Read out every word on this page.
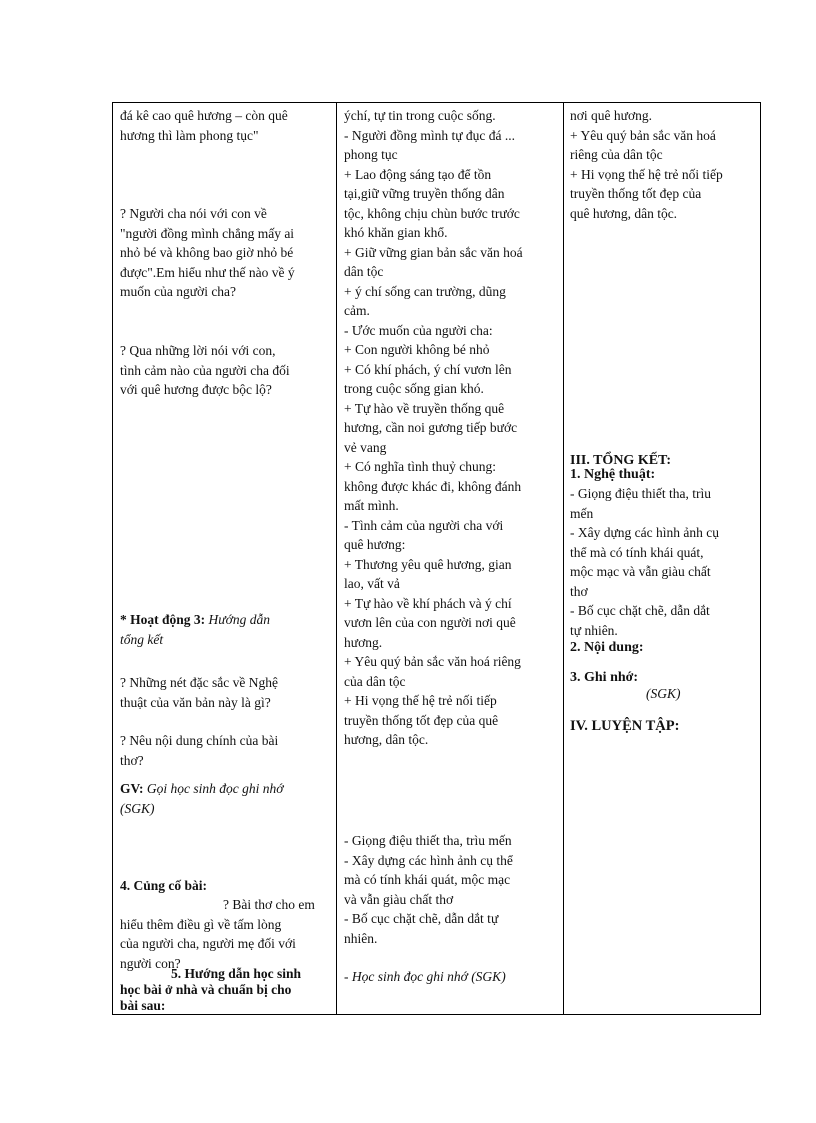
đá kê cao quê hương – còn quê
hương thì làm phong tục"
? Người cha nói với con về
"người đồng mình chẳng mấy ai
nhỏ bé và không bao giờ nhỏ bé
được".Em hiểu như thế nào về ý
muốn của người cha?
? Qua những lời nói với con,
tình cảm nào của người cha đối
với quê hương được bộc lộ?
* Hoạt động 3: Hướng dẫn
tổng kết
? Những nét đặc sắc về Nghệ
thuật của văn bản này là gì?
? Nêu nội dung chính của bài
thơ?
GV: Gọi học sinh đọc ghi nhớ
(SGK)
4. Củng cố bài:
? Bài thơ cho em
hiểu thêm điều gì về tấm lòng
của người cha, người mẹ đối với
người con?
5. Hướng dẫn học sinh
học bài ở nhà và chuẩn bị cho
bài sau:
ýchí, tự tin trong cuộc sống.
- Người đồng mình tự đục đá ...
phong tục
+ Lao động sáng tạo để tồn
tại,giữ vững truyền thống dân
tộc, không chịu chùn bước trước
khó khăn gian khổ.
+ Giữ vững gian bản sắc văn hoá
dân tộc
+ ý chí sống can trường, dũng
cảm.
- Ước muốn của người cha:
+ Con người không bé nhỏ
+ Có khí phách, ý chí vươn lên
trong cuộc sống gian khó.
+ Tự hào về truyền thống quê
hương, cần noi gương tiếp bước
vẻ vang
+ Có nghĩa tình thuỷ chung:
không được khác đi, không đánh
mất mình.
- Tình cảm của người cha với
quê hương:
+ Thương yêu quê hương, gian
lao, vất vả
+ Tự hào về khí phách và ý chí
vươn lên của con người nơi quê
hương.
+ Yêu quý bản sắc văn hoá riêng
của dân tộc
+ Hi vọng thế hệ trẻ nối tiếp
truyền thống tốt đẹp của quê
hương, dân tộc.
- Giọng điệu thiết tha, trìu mến
- Xây dựng các hình ảnh cụ thể
mà có tính khái quát, mộc mạc
và vẫn giàu chất thơ
- Bố cục chặt chẽ, dẫn dắt tự
nhiên.
- Học sinh đọc ghi nhớ (SGK)
nơi quê hương.
+ Yêu quý bản sắc văn hoá
riêng của dân tộc
+ Hi vọng thế hệ trẻ nối tiếp
truyền thống tốt đẹp của
quê hương, dân tộc.
III. TỔNG KẾT:
1. Nghệ thuật:
- Giọng điệu thiết tha, trìu
mến
- Xây dựng các hình ảnh cụ
thể mà có tính khái quát,
mộc mạc và vẫn giàu chất
thơ
- Bố cục chặt chẽ, dẫn dắt
tự nhiên.
2. Nội dung:
3. Ghi nhớ:
(SGK)
IV. LUYỆN TẬP:
